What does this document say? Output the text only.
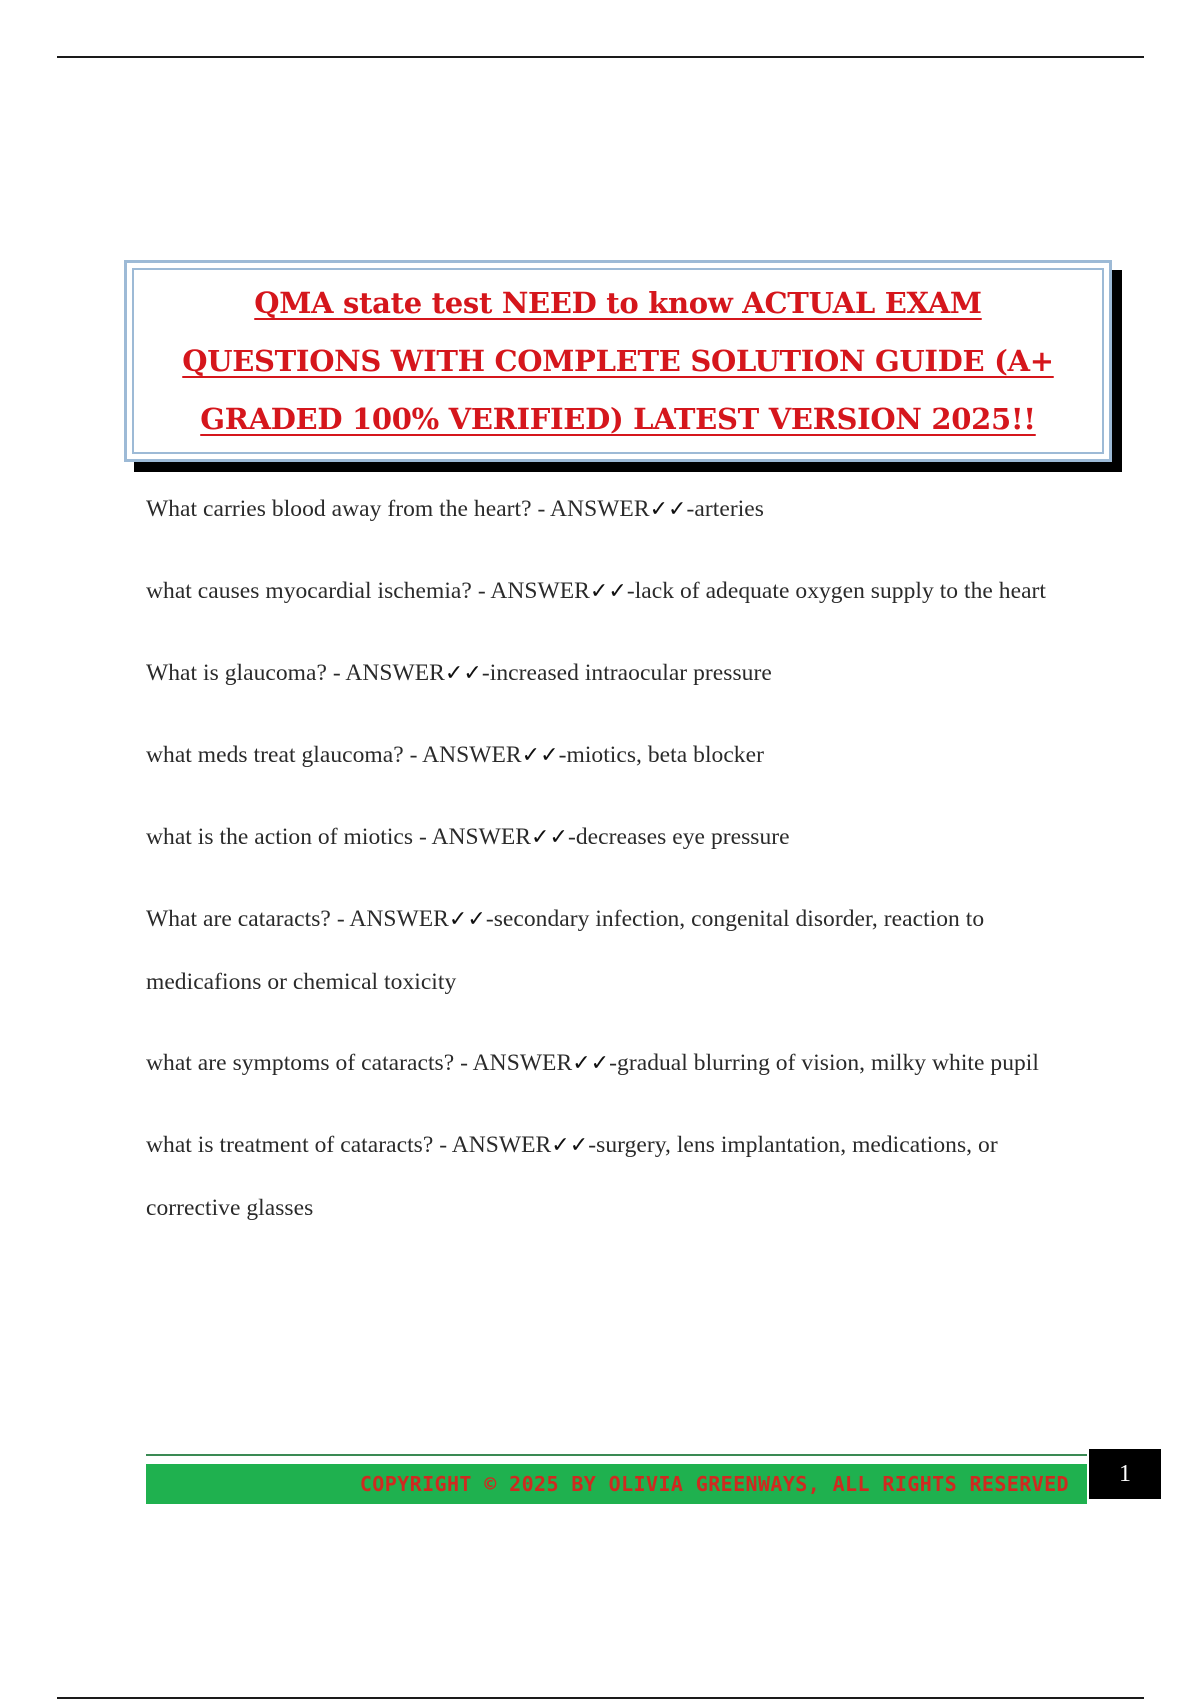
QMA state test NEED to know ACTUAL EXAM QUESTIONS WITH COMPLETE SOLUTION GUIDE (A+ GRADED 100% VERIFIED) LATEST VERSION 2025!!
What carries blood away from the heart? - ANSWER✓✓-arteries
what causes myocardial ischemia? - ANSWER✓✓-lack of adequate oxygen supply to the heart
What is glaucoma? - ANSWER✓✓-increased intraocular pressure
what meds treat glaucoma? - ANSWER✓✓-miotics, beta blocker
what is the action of miotics - ANSWER✓✓-decreases eye pressure
What are cataracts? - ANSWER✓✓-secondary infection, congenital disorder, reaction to medicafions or chemical toxicity
what are symptoms of cataracts? - ANSWER✓✓-gradual blurring of vision, milky white pupil
what is treatment of cataracts? - ANSWER✓✓-surgery, lens implantation, medications, or corrective glasses
COPYRIGHT © 2025 BY OLIVIA GREENWAYS, ALL RIGHTS RESERVED	1
